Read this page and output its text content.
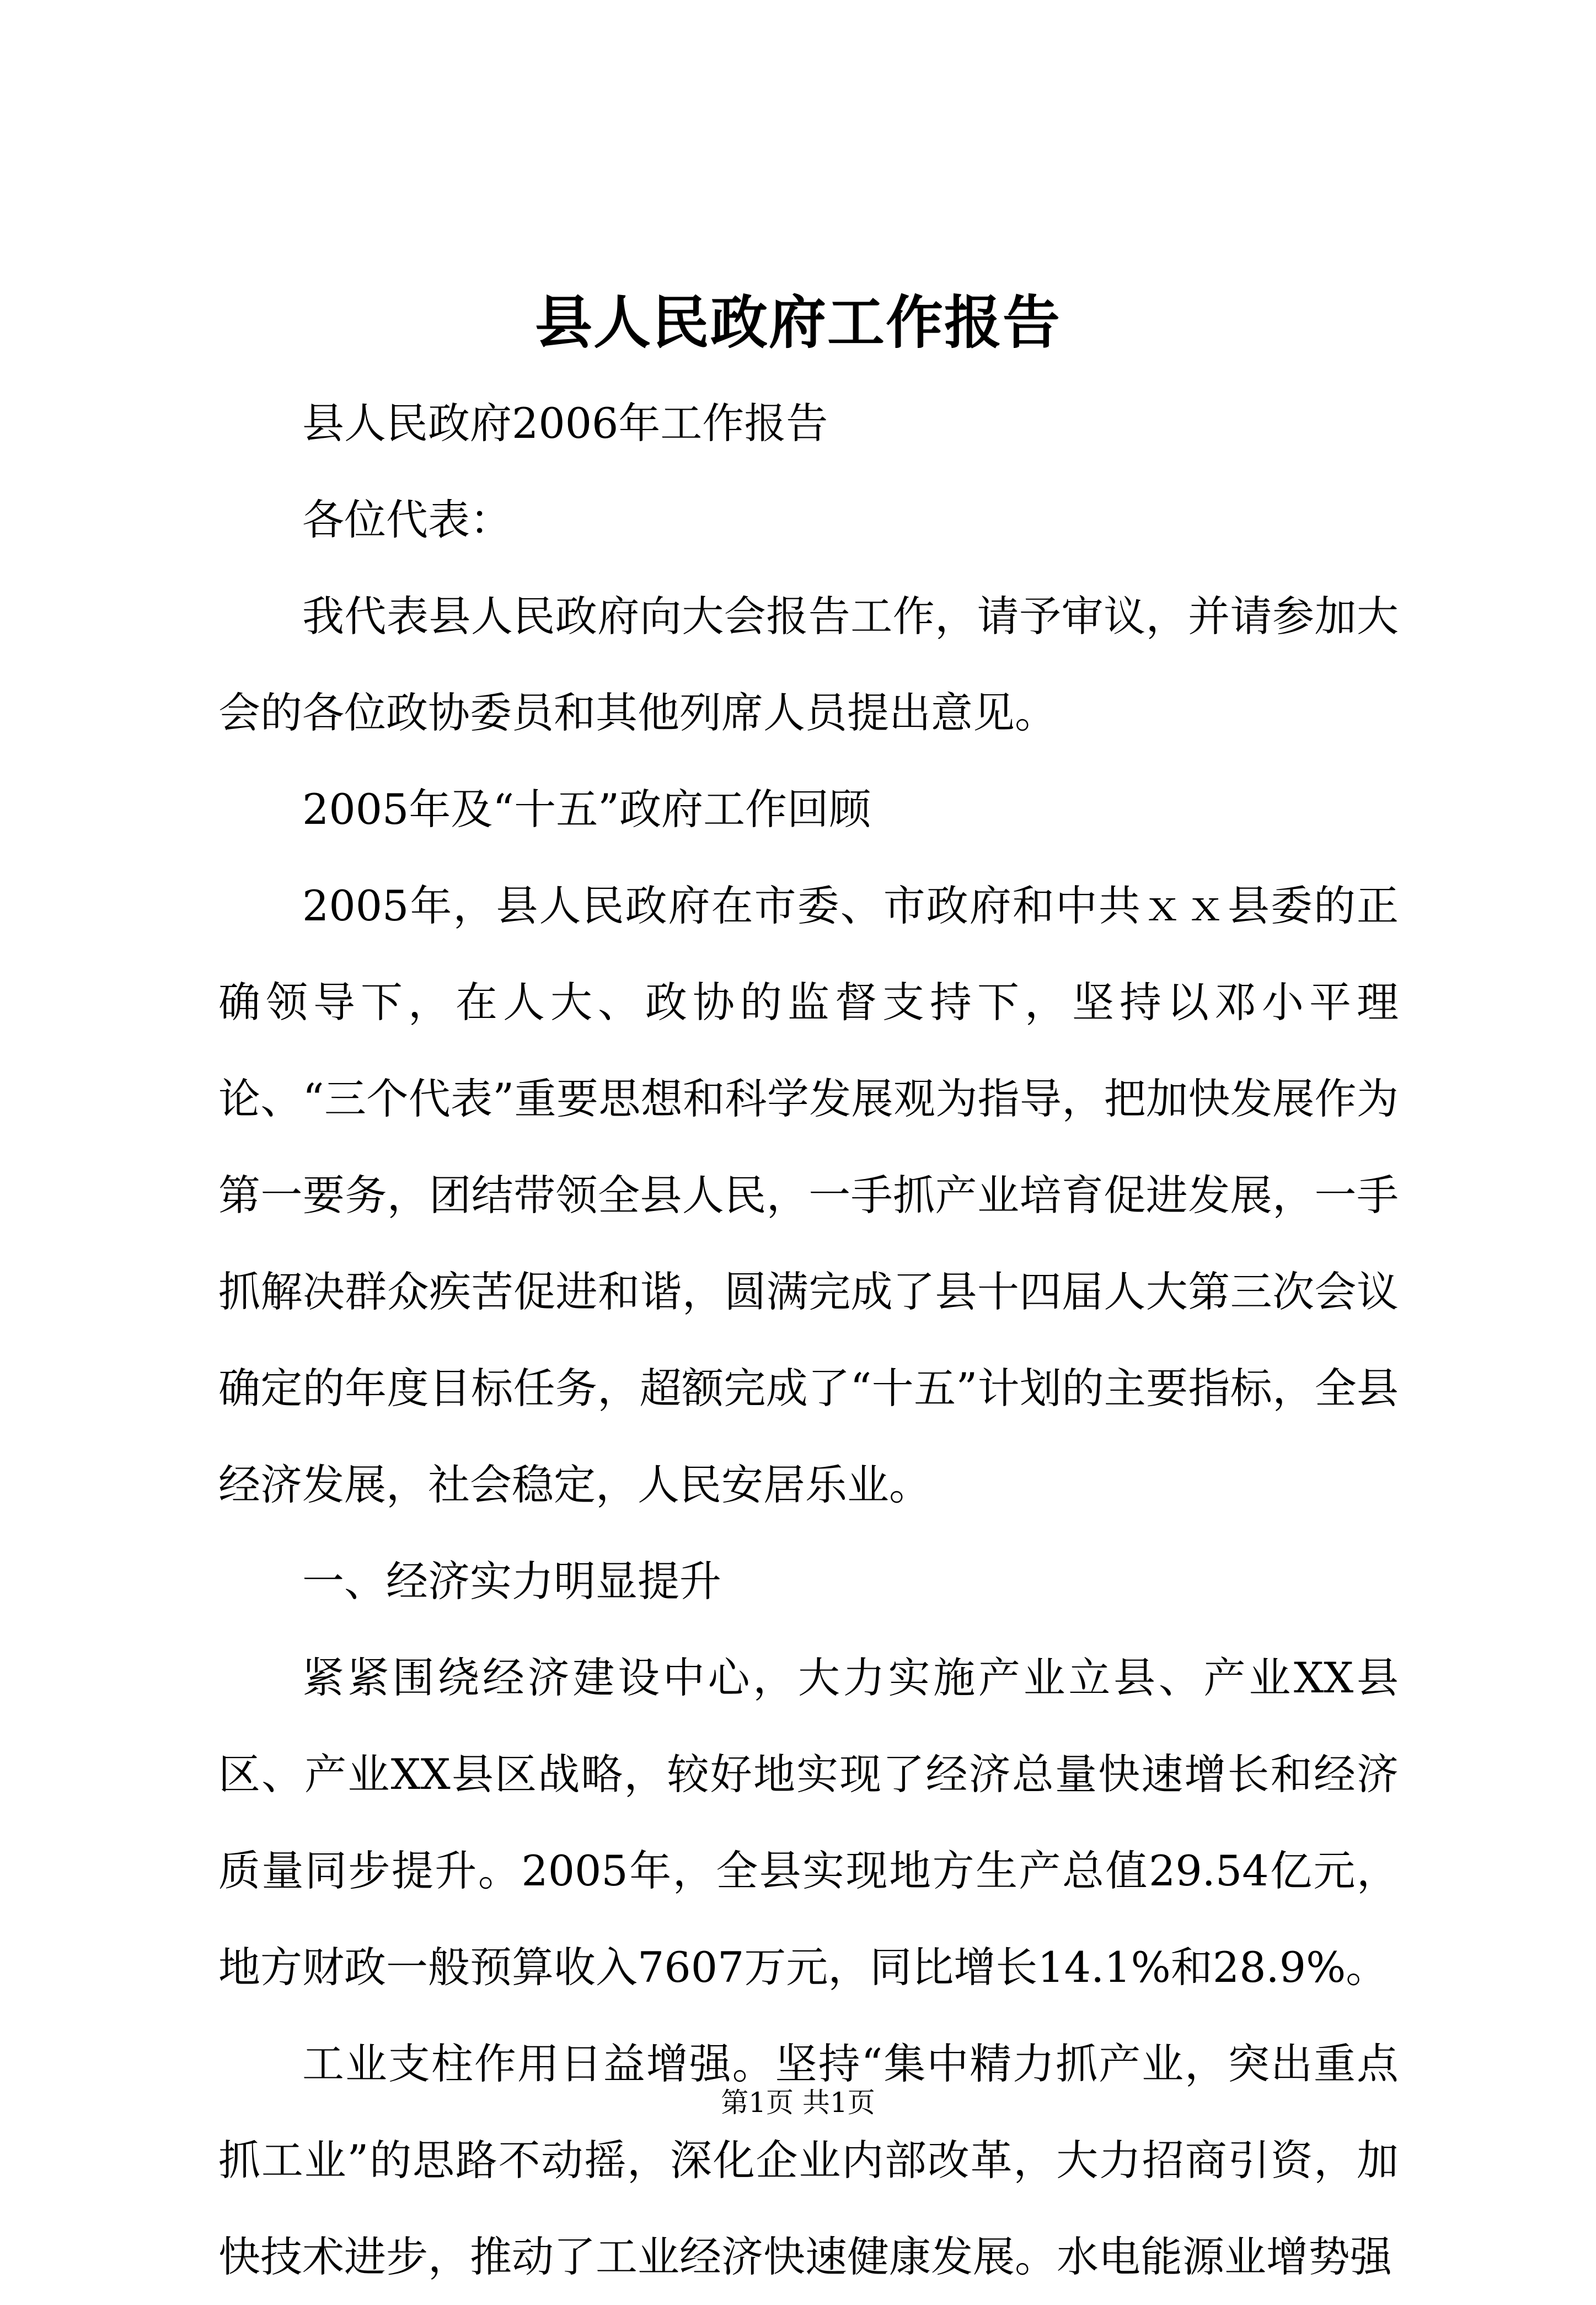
县人民政府工作报告

县人民政府2006年工作报告

各位代表：

我代表县人民政府向大会报告工作，请予审议，并请参加大会的各位政协委员和其他列席人员提出意见。

2005年及“十五”政府工作回顾

2005年，县人民政府在市委、市政府和中共ｘｘ县委的正确领导下，在人大、政协的监督支持下，坚持以邓小平理论、“三个代表”重要思想和科学发展观为指导，把加快发展作为第一要务，团结带领全县人民，一手抓产业培育促进发展，一手抓解决群众疾苦促进和谐，圆满完成了县十四届人大第三次会议确定的年度目标任务，超额完成了“十五”计划的主要指标，全县经济发展，社会稳定，人民安居乐业。

一、经济实力明显提升

紧紧围绕经济建设中心，大力实施产业立县、产业XX县区、产业XX县区战略，较好地实现了经济总量快速增长和经济质量同步提升。2005年，全县实现地方生产总值29.54亿元，地方财政一般预算收入7607万元，同比增长14.1%和28.9%。

工业支柱作用日益增强。坚持“集中精力抓产业，突出重点抓工业”的思路不动摇，深化企业内部改革，大力招商引资，加快技术进步，推动了工业经济快速健康发展。水电能源业增势强

第1页 共1页
